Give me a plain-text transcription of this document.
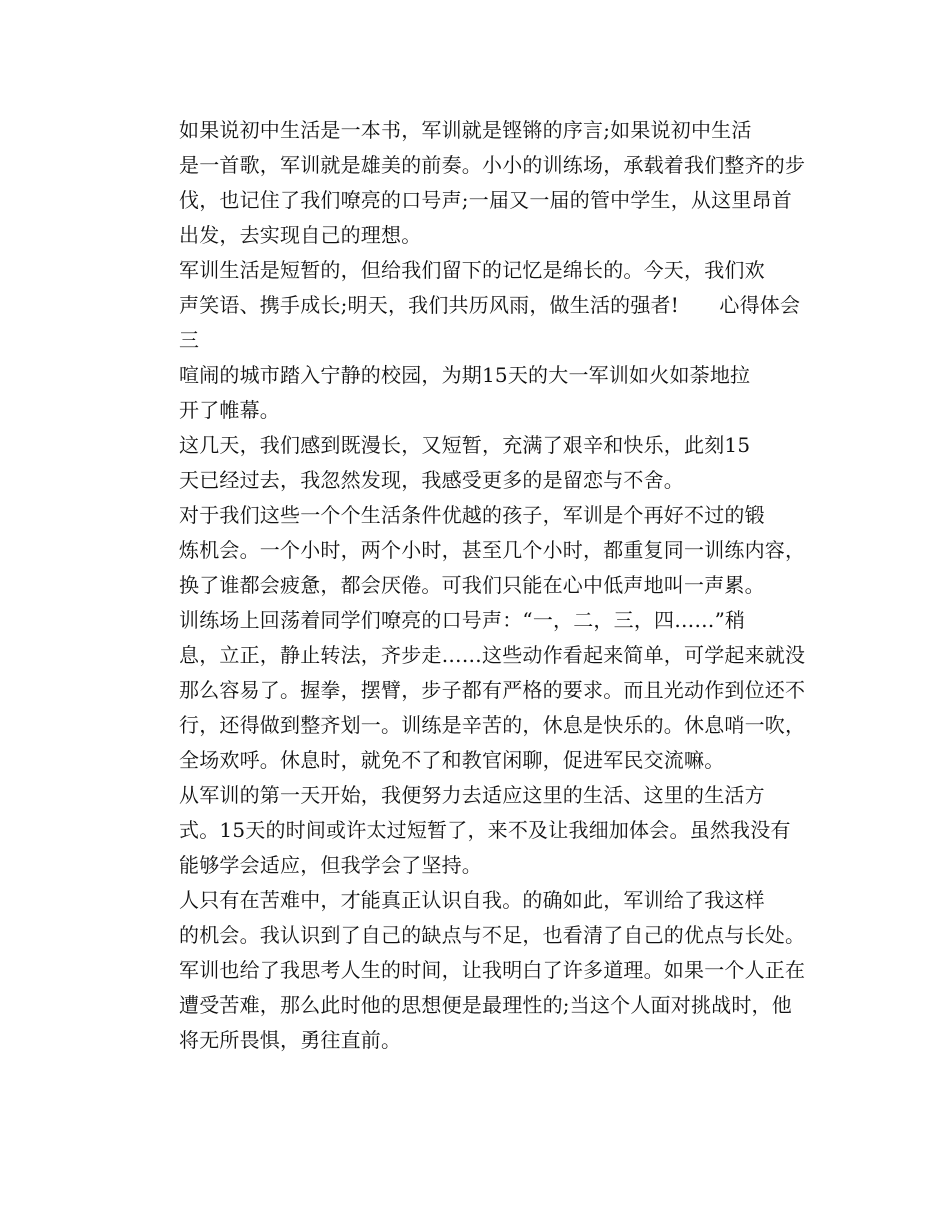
如果说初中生活是一本书，军训就是铿锵的序言;如果说初中生活
是一首歌，军训就是雄美的前奏。小小的训练场，承载着我们整齐的步
伐，也记住了我们嘹亮的口号声;一届又一届的管中学生，从这里昂首
出发，去实现自己的理想。

军训生活是短暂的，但给我们留下的记忆是绵长的。今天，我们欢
声笑语、携手成长;明天，我们共历风雨，做生活的强者!　　心得体会
三

喧闹的城市踏入宁静的校园，为期15天的大一军训如火如荼地拉
开了帷幕。

这几天，我们感到既漫长，又短暂，充满了艰辛和快乐，此刻15
天已经过去，我忽然发现，我感受更多的是留恋与不舍。

对于我们这些一个个生活条件优越的孩子，军训是个再好不过的锻
炼机会。一个小时，两个小时，甚至几个小时，都重复同一训练内容，
换了谁都会疲惫，都会厌倦。可我们只能在心中低声地叫一声累。

训练场上回荡着同学们嘹亮的口号声：“一，二，三，四……”稍
息，立正，静止转法，齐步走……这些动作看起来简单，可学起来就没
那么容易了。握拳，摆臂，步子都有严格的要求。而且光动作到位还不
行，还得做到整齐划一。训练是辛苦的，休息是快乐的。休息哨一吹，
全场欢呼。休息时，就免不了和教官闲聊，促进军民交流嘛。

从军训的第一天开始，我便努力去适应这里的生活、这里的生活方
式。15天的时间或许太过短暂了，来不及让我细加体会。虽然我没有
能够学会适应，但我学会了坚持。

人只有在苦难中，才能真正认识自我。的确如此，军训给了我这样
的机会。我认识到了自己的缺点与不足，也看清了自己的优点与长处。
军训也给了我思考人生的时间，让我明白了许多道理。如果一个人正在
遭受苦难，那么此时他的思想便是最理性的;当这个人面对挑战时，他
将无所畏惧，勇往直前。
